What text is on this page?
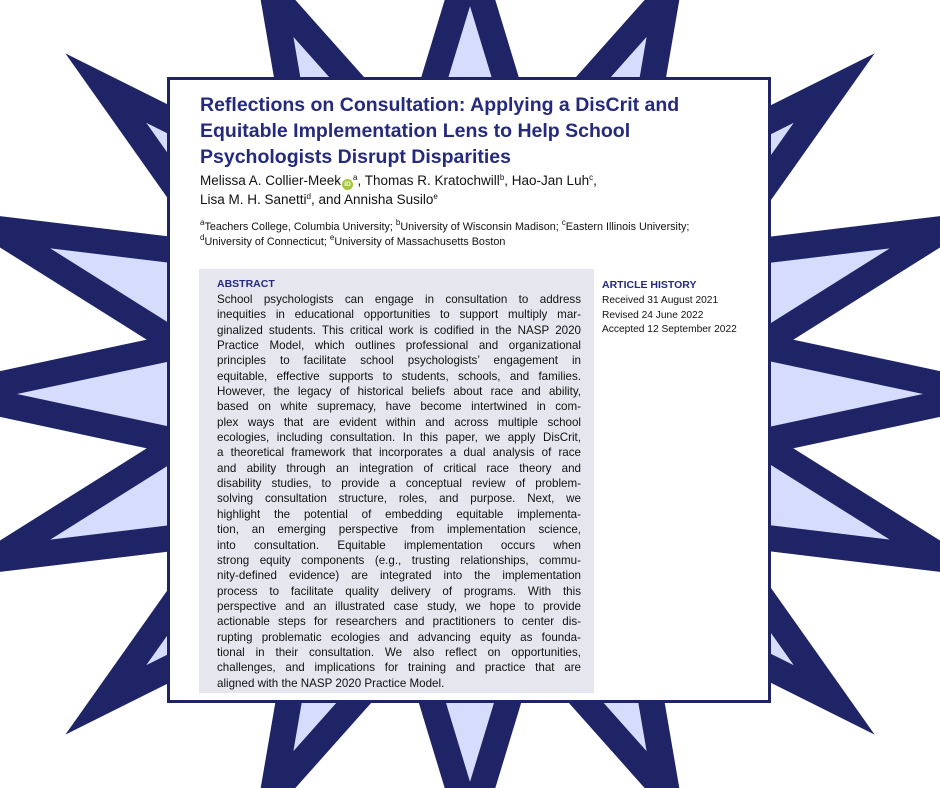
Reflections on Consultation: Applying a DisCrit and Equitable Implementation Lens to Help School Psychologists Disrupt Disparities

Melissa A. Collier-Meek $iD^a$, Thomas R. Kratochwill$^b$, Hao-Jan Luh$^c$,
Lisa M. H. Sanetti$^d$, and Annisha Susilo$^e$

$^a$Teachers College, Columbia University; $^b$University of Wisconsin Madison; $^c$Eastern Illinois University;
$^d$University of Connecticut; $^e$University of Massachusetts Boston

ABSTRACT

School psychologists can engage in consultation to address
inequities in educational opportunities to support multiply mar-
ginalized students. This critical work is codified in the NASP 2020
Practice Model, which outlines professional and organizational
principles to facilitate school psychologists’ engagement in
equitable, effective supports to students, schools, and families.
However, the legacy of historical beliefs about race and ability,
based on white supremacy, have become intertwined in com-
plex ways that are evident within and across multiple school
ecologies, including consultation. In this paper, we apply DisCrit,
a theoretical framework that incorporates a dual analysis of race
and ability through an integration of critical race theory and
disability studies, to provide a conceptual review of problem-
solving consultation structure, roles, and purpose. Next, we
highlight the potential of embedding equitable implementa-
tion, an emerging perspective from implementation science,
into consultation. Equitable implementation occurs when
strong equity components (e.g., trusting relationships, commu-
nity-defined evidence) are integrated into the implementation
process to facilitate quality delivery of programs. With this
perspective and an illustrated case study, we hope to provide
actionable steps for researchers and practitioners to center dis-
rupting problematic ecologies and advancing equity as founda-
tional in their consultation. We also reflect on opportunities,
challenges, and implications for training and practice that are
aligned with the NASP 2020 Practice Model.

ARTICLE HISTORY
Received 31 August 2021
Revised 24 June 2022
Accepted 12 September 2022
